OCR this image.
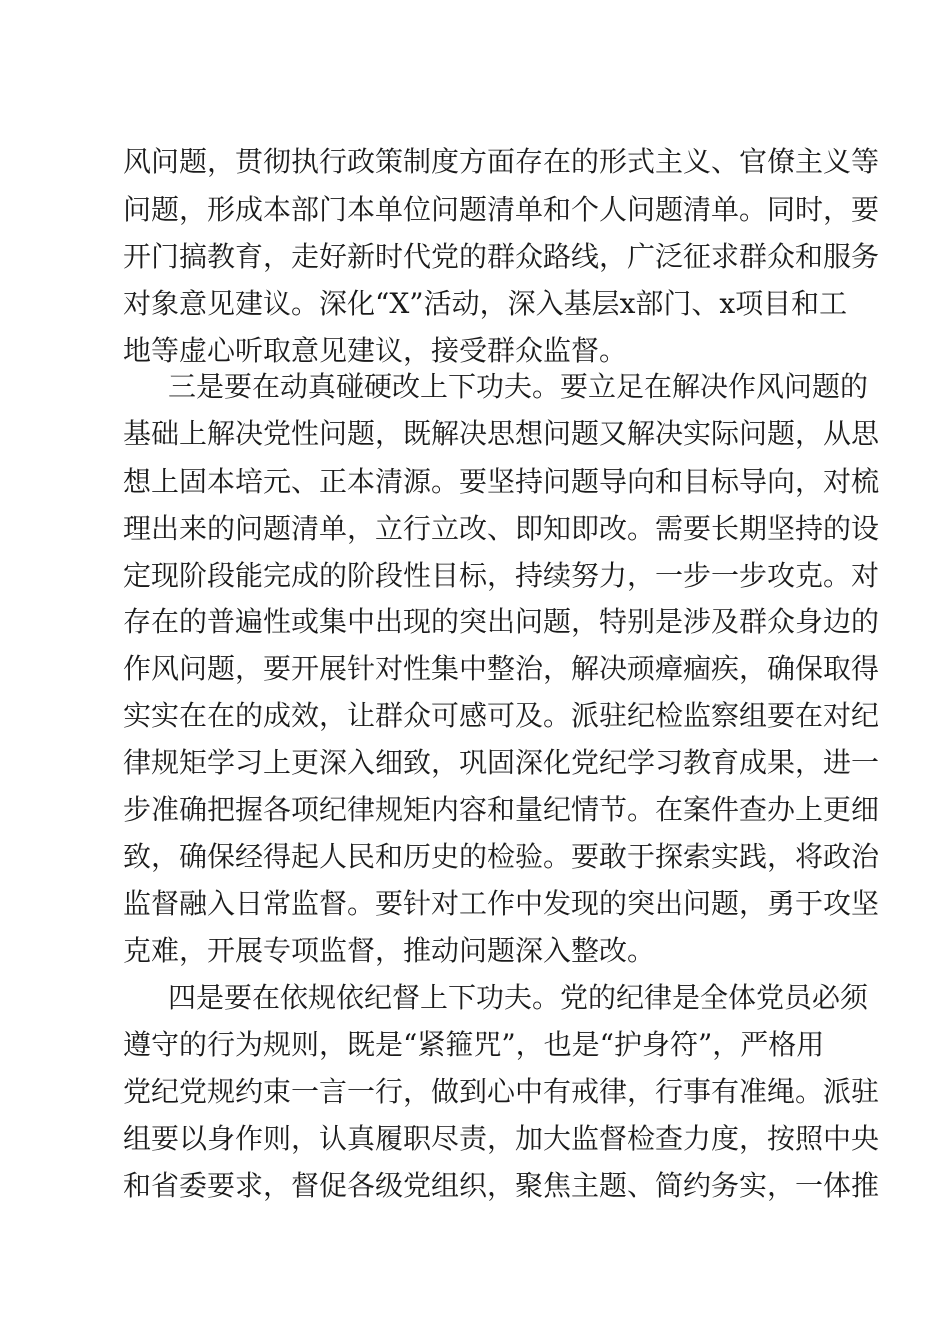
风问题，贯彻执行政策制度方面存在的形式主义、官僚主义等
问题，形成本部门本单位问题清单和个人问题清单。同时，要
开门搞教育，走好新时代党的群众路线，广泛征求群众和服务
对象意见建议。深化“X”活动，深入基层x部门、x项目和工
地等虚心听取意见建议，接受群众监督。
三是要在动真碰硬改上下功夫。要立足在解决作风问题的
基础上解决党性问题，既解决思想问题又解决实际问题，从思
想上固本培元、正本清源。要坚持问题导向和目标导向，对梳
理出来的问题清单，立行立改、即知即改。需要长期坚持的设
定现阶段能完成的阶段性目标，持续努力，一步一步攻克。对
存在的普遍性或集中出现的突出问题，特别是涉及群众身边的
作风问题，要开展针对性集中整治，解决顽瘴痼疾，确保取得
实实在在的成效，让群众可感可及。派驻纪检监察组要在对纪
律规矩学习上更深入细致，巩固深化党纪学习教育成果，进一
步准确把握各项纪律规矩内容和量纪情节。在案件查办上更细
致，确保经得起人民和历史的检验。要敢于探索实践，将政治
监督融入日常监督。要针对工作中发现的突出问题，勇于攻坚
克难，开展专项监督，推动问题深入整改。
四是要在依规依纪督上下功夫。党的纪律是全体党员必须
遵守的行为规则，既是“紧箍咒”，也是“护身符”，严格用
党纪党规约束一言一行，做到心中有戒律，行事有准绳。派驻
组要以身作则，认真履职尽责，加大监督检查力度，按照中央
和省委要求，督促各级党组织，聚焦主题、简约务实，一体推
